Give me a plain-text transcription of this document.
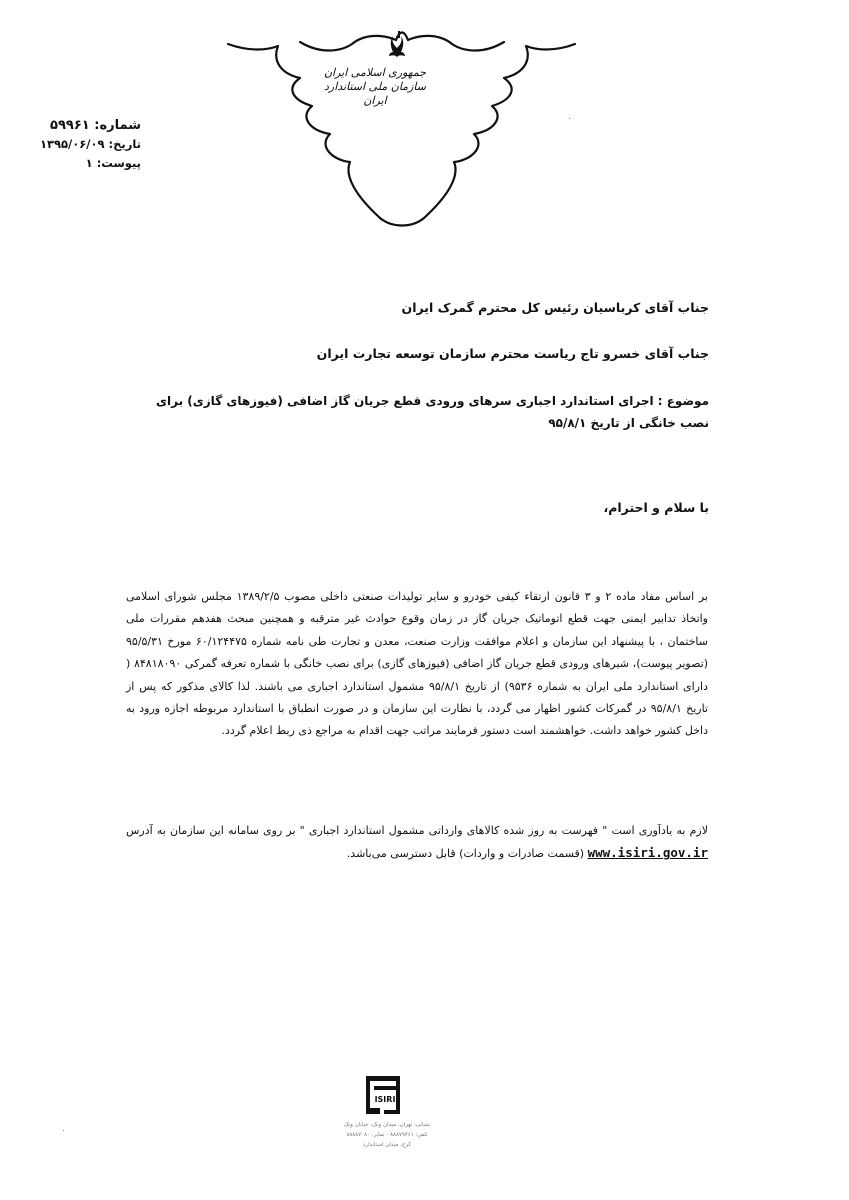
جمهوری اسلامی ایران
سازمان ملی استاندارد ایران
شماره: ۵۹۹۶۱
تاریخ: ۱۳۹۵/۰۶/۰۹
پیوست: ۱
جناب آقای کرباسیان رئیس کل محترم گمرک ایران
جناب آقای خسرو تاج ریاست محترم سازمان توسعه تجارت ایران
موضوع : اجرای استاندارد اجباری سرهای ورودی قطع جریان گاز اضافی (فیوزهای گازی) برای نصب خانگی از تاریخ ۹۵/۸/۱
با سلام و احترام،
بر اساس مفاد ماده ۲ و ۳ قانون ارتقاء کیفی خودرو و سایر تولیدات صنعتی داخلی مصوب ۱۳۸۹/۲/۵ مجلس شورای اسلامی واتخاذ تدابیر ایمنی جهت قطع اتوماتیک جریان گاز در زمان وقوع حوادث غیر مترقبه و همچنین مبحث هفدهم مقررات ملی ساختمان ، با پیشنهاد این سازمان و اعلام موافقت وزارت صنعت، معدن و تجارت طی نامه شماره ۶۰/۱۲۴۴۷۵ مورخ ۹۵/۵/۳۱ (تصویر پیوست)، شیرهای ورودی قطع جریان گاز اضافی (فیوزهای گازی) برای نصب خانگی با شماره تعرفه گمرکی ۸۴۸۱۸۰۹۰ ( دارای استاندارد ملی ایران به شماره ۹۵۳۶) از تاریخ ۹۵/۸/۱ مشمول استاندارد اجباری می باشند. لذا کالای مذکور که پس از تاریخ ۹۵/۸/۱ در گمرکات کشور اظهار می گردد، با نظارت این سازمان و در صورت انطباق با استاندارد مربوطه اجازه ورود به داخل کشور خواهد داشت. خواهشمند است دستور فرمایند مراتب جهت اقدام به مراجع ذی ربط اعلام گردد.
لازم به یادآوری است " فهرست به روز شده کالاهای وارداتی مشمول استاندارد اجباری " بر روی سامانه این سازمان به آدرس www.isiri.gov.ir (قسمت صادرات و واردات) قابل دسترسی می‌باشد.
ISIRI
نشانی: تهران، میدان ونک، خیابان ونک
تلفن: ۸۸۸۷۹۴۶۱ - نمابر: ۸۸۸۸۷۰۸۰
کرج، میدان استاندارد
·
·
